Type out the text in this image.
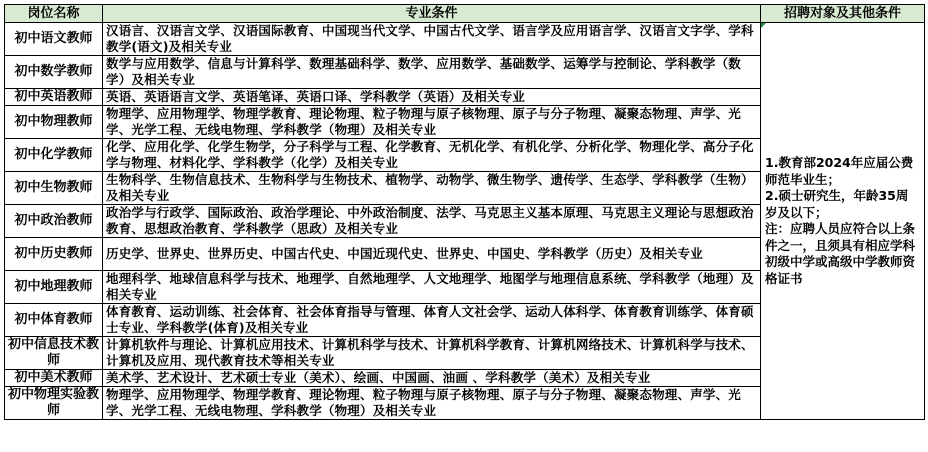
岗位名称	专业条件	招聘对象及其他条件
初中语文教师	汉语言、汉语言文学、汉语国际教育、中国现当代文学、中国古代文学、语言学及应用语言学、汉语言文字学、学科教学(语文)及相关专业	1.教育部2024年应届公费师范毕业生；
2.硕士研究生，年龄35周岁及以下；
注：应聘人员应符合以上条件之一，且须具有相应学科初级中学或高级中学教师资格证书

初中数学教师	数学与应用数学、信息与计算科学、数理基础科学、数学、应用数学、基础数学、运筹学与控制论、学科教学（数学）及相关专业	
初中英语教师	英语、英语语言文学、英语笔译、英语口译、学科教学（英语）及相关专业	
初中物理教师	物理学、应用物理学、物理学教育、理论物理、粒子物理与原子核物理、原子与分子物理、凝聚态物理、声学、光学、光学工程、无线电物理、学科教学（物理）及相关专业	
初中化学教师	化学、应用化学、化学生物学，分子科学与工程、化学教育、无机化学、有机化学、分析化学、物理化学、高分子化学与物理、材料化学、学科教学（化学）及相关专业	
初中生物教师	生物科学、生物信息技术、生物科学与生物技术、植物学、动物学、微生物学、遗传学、生态学、学科教学（生物）及相关专业	
初中政治教师	政治学与行政学、国际政治、政治学理论、中外政治制度、法学、马克思主义基本原理、马克思主义理论与思想政治教育、思想政治教育、学科教学（思政）及相关专业	
初中历史教师	历史学、世界史、世界历史、中国古代史、中国近现代史、世界史、中国史、学科教学（历史）及相关专业	
初中地理教师	地理科学、地球信息科学与技术、地理学、自然地理学、人文地理学、地图学与地理信息系统、学科教学（地理）及相关专业	
初中体育教师	体育教育、运动训练、社会体育、社会体育指导与管理、体育人文社会学、运动人体科学、体育教育训练学、体育硕士专业、学科教学(体育)及相关专业	
初中信息技术教师	计算机软件与理论、计算机应用技术、计算机科学与技术、计算机科学教育、计算机网络技术、计算机科学与技术、计算机及应用、现代教育技术等相关专业	
初中美术教师	美术学、艺术设计、艺术硕士专业（美术）、绘画、中国画、油画 、学科教学（美术）及相关专业	
初中物理实验教师	物理学、应用物理学、物理学教育、理论物理、粒子物理与原子核物理、原子与分子物理、凝聚态物理、声学、光学、光学工程、无线电物理、学科教学（物理）及相关专业	
